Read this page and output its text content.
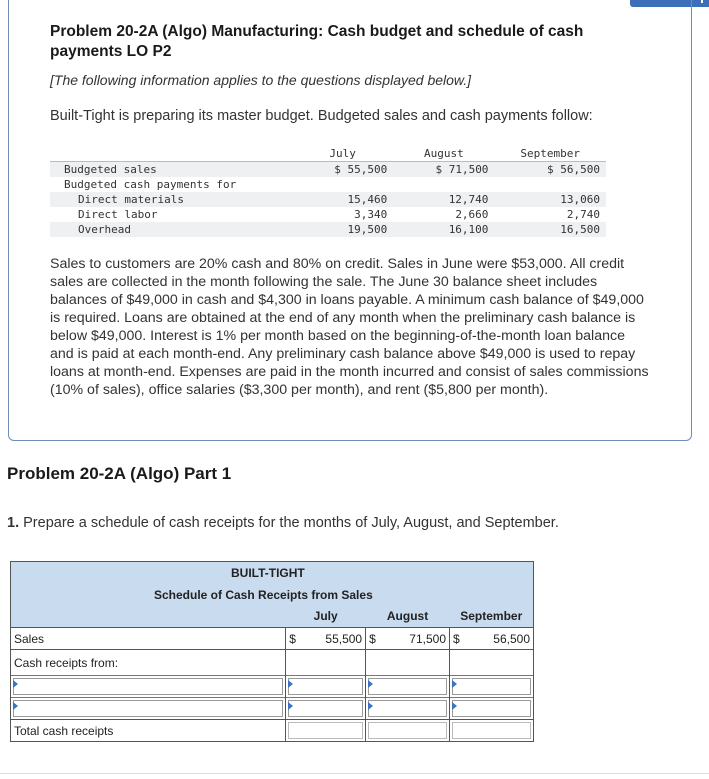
Problem 20-2A (Algo) Manufacturing: Cash budget and schedule of cash payments LO P2
[The following information applies to the questions displayed below.]
Built-Tight is preparing its master budget. Budgeted sales and cash payments follow:
	July	August	September
Budgeted sales	$ 55,500	$ 71,500	$ 56,500
Budgeted cash payments for			
Direct materials	15,460	12,740	13,060
Direct labor	3,340	2,660	2,740
Overhead	19,500	16,100	16,500
Sales to customers are 20% cash and 80% on credit. Sales in June were $53,000. All credit sales are collected in the month following the sale. The June 30 balance sheet includes balances of $49,000 in cash and $4,300 in loans payable. A minimum cash balance of $49,000 is required. Loans are obtained at the end of any month when the preliminary cash balance is below $49,000. Interest is 1% per month based on the beginning-of-the-month loan balance and is paid at each month-end. Any preliminary cash balance above $49,000 is used to repay loans at month-end. Expenses are paid in the month incurred and consist of sales commissions (10% of sales), office salaries ($3,300 per month), and rent ($5,800 per month).
Problem 20-2A (Algo) Part 1
1. Prepare a schedule of cash receipts for the months of July, August, and September.
BUILT-TIGHT						
Schedule of Cash Receipts from Sales						
	July		August		September	
Sales	$	55,500	$	71,500	$	56,500
Cash receipts from:						

Total cash receipts				
